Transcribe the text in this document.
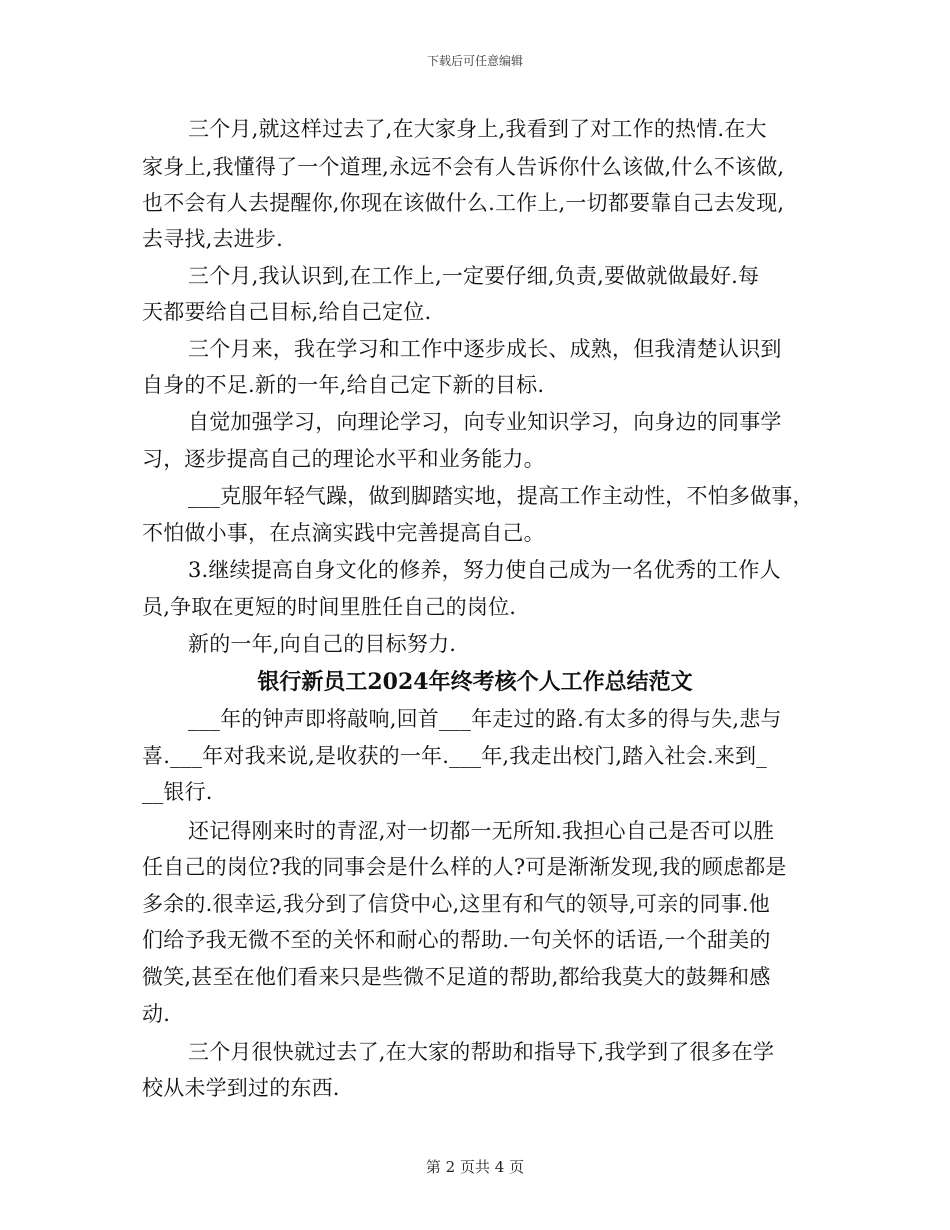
下载后可任意编辑
三个月,就这样过去了,在大家身上,我看到了对工作的热情.在大
家身上,我懂得了一个道理,永远不会有人告诉你什么该做,什么不该做,
也不会有人去提醒你,你现在该做什么.工作上,一切都要靠自己去发现,
去寻找,去进步.
三个月,我认识到,在工作上,一定要仔细,负责,要做就做最好.每
天都要给自己目标,给自己定位.
三个月来，我在学习和工作中逐步成长、成熟，但我清楚认识到
自身的不足.新的一年,给自己定下新的目标.
自觉加强学习，向理论学习，向专业知识学习，向身边的同事学
习，逐步提高自己的理论水平和业务能力。
___克服年轻气躁，做到脚踏实地，提高工作主动性，不怕多做事，
不怕做小事，在点滴实践中完善提高自己。
3.继续提高自身文化的修养，努力使自己成为一名优秀的工作人
员,争取在更短的时间里胜任自己的岗位.
新的一年,向自己的目标努力.
银行新员工2024年终考核个人工作总结范文
___年的钟声即将敲响,回首___年走过的路.有太多的得与失,悲与
喜.___年对我来说,是收获的一年.___年,我走出校门,踏入社会.来到_
__银行.
还记得刚来时的青涩,对一切都一无所知.我担心自己是否可以胜
任自己的岗位?我的同事会是什么样的人?可是渐渐发现,我的顾虑都是
多余的.很幸运,我分到了信贷中心,这里有和气的领导,可亲的同事.他
们给予我无微不至的关怀和耐心的帮助.一句关怀的话语,一个甜美的
微笑,甚至在他们看来只是些微不足道的帮助,都给我莫大的鼓舞和感
动.
三个月很快就过去了,在大家的帮助和指导下,我学到了很多在学
校从未学到过的东西.
第 2 页共 4 页
